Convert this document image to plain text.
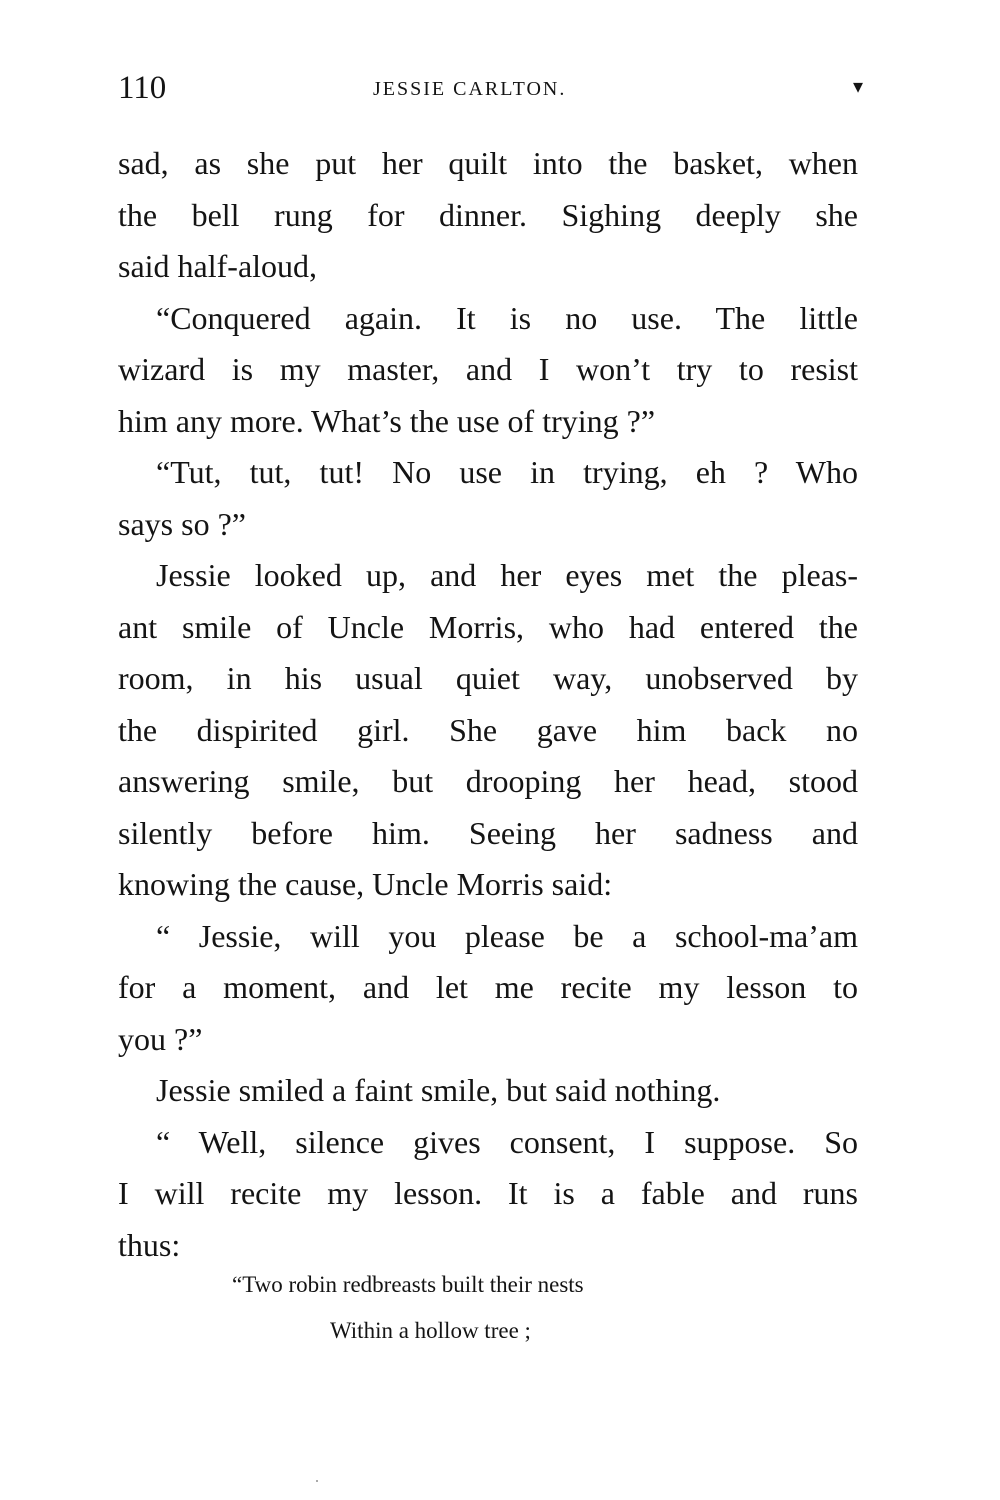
110	JESSIE CARLTON.	▾
sad, as she put her quilt into the basket, when
the bell rung for dinner. Sighing deeply she
said half-aloud,
“Conquered again. It is no use. The little
wizard is my master, and I won’t try to resist
him any more. What’s the use of trying ?”
“Tut, tut, tut! No use in trying, eh ? Who
says so ?”
Jessie looked up, and her eyes met the pleas-
ant smile of Uncle Morris, who had entered the
room, in his usual quiet way, unobserved by
the dispirited girl. She gave him back no
answering smile, but drooping her head, stood
silently before him. Seeing her sadness and
knowing the cause, Uncle Morris said:
“ Jessie, will you please be a school-ma’am
for a moment, and let me recite my lesson to
you ?”
Jessie smiled a faint smile, but said nothing.
“ Well, silence gives consent, I suppose. So
I will recite my lesson. It is a fable and runs
thus:
“Two robin redbreasts built their nests
Within a hollow tree ;
